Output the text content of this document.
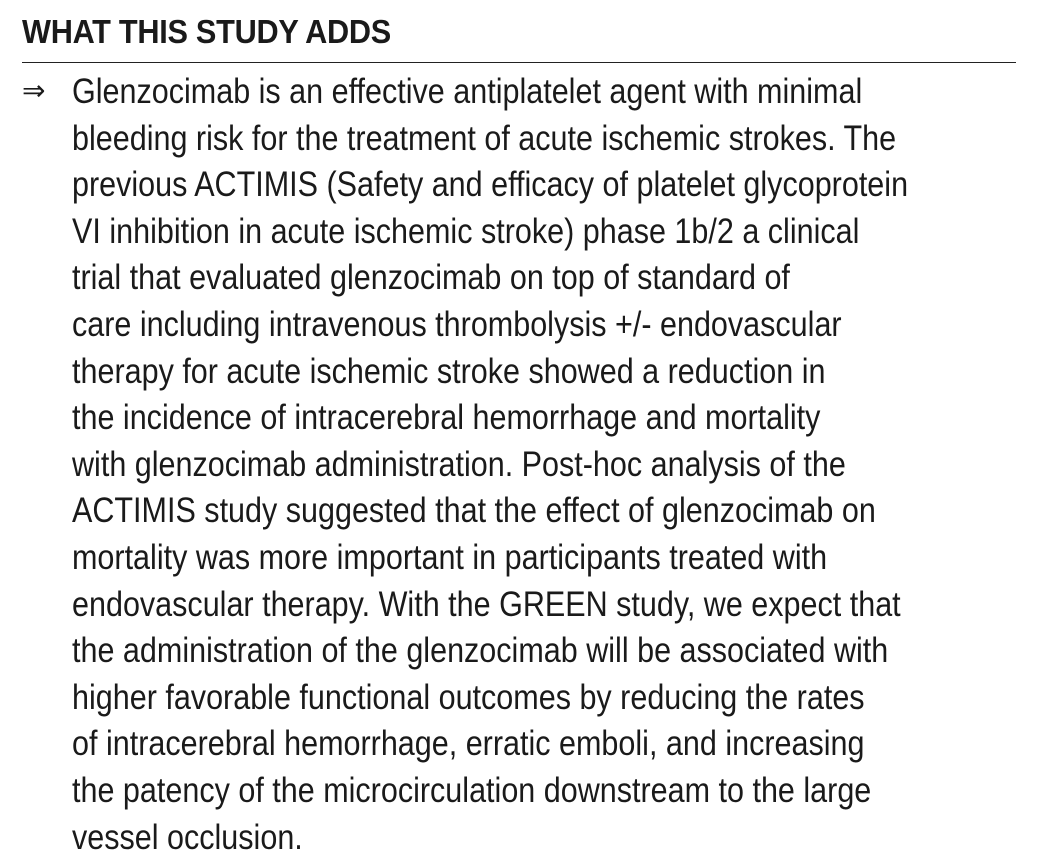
WHAT THIS STUDY ADDS
⇒ Glenzocimab is an effective antiplatelet agent with minimal
bleeding risk for the treatment of acute ischemic strokes. The
previous ACTIMIS (Safety and efficacy of platelet glycoprotein
VI inhibition in acute ischemic stroke) phase 1b/2 a clinical
trial that evaluated glenzocimab on top of standard of
care including intravenous thrombolysis +/- endovascular
therapy for acute ischemic stroke showed a reduction in
the incidence of intracerebral hemorrhage and mortality
with glenzocimab administration. Post-hoc analysis of the
ACTIMIS study suggested that the effect of glenzocimab on
mortality was more important in participants treated with
endovascular therapy. With the GREEN study, we expect that
the administration of the glenzocimab will be associated with
higher favorable functional outcomes by reducing the rates
of intracerebral hemorrhage, erratic emboli, and increasing
the patency of the microcirculation downstream to the large
vessel occlusion.
